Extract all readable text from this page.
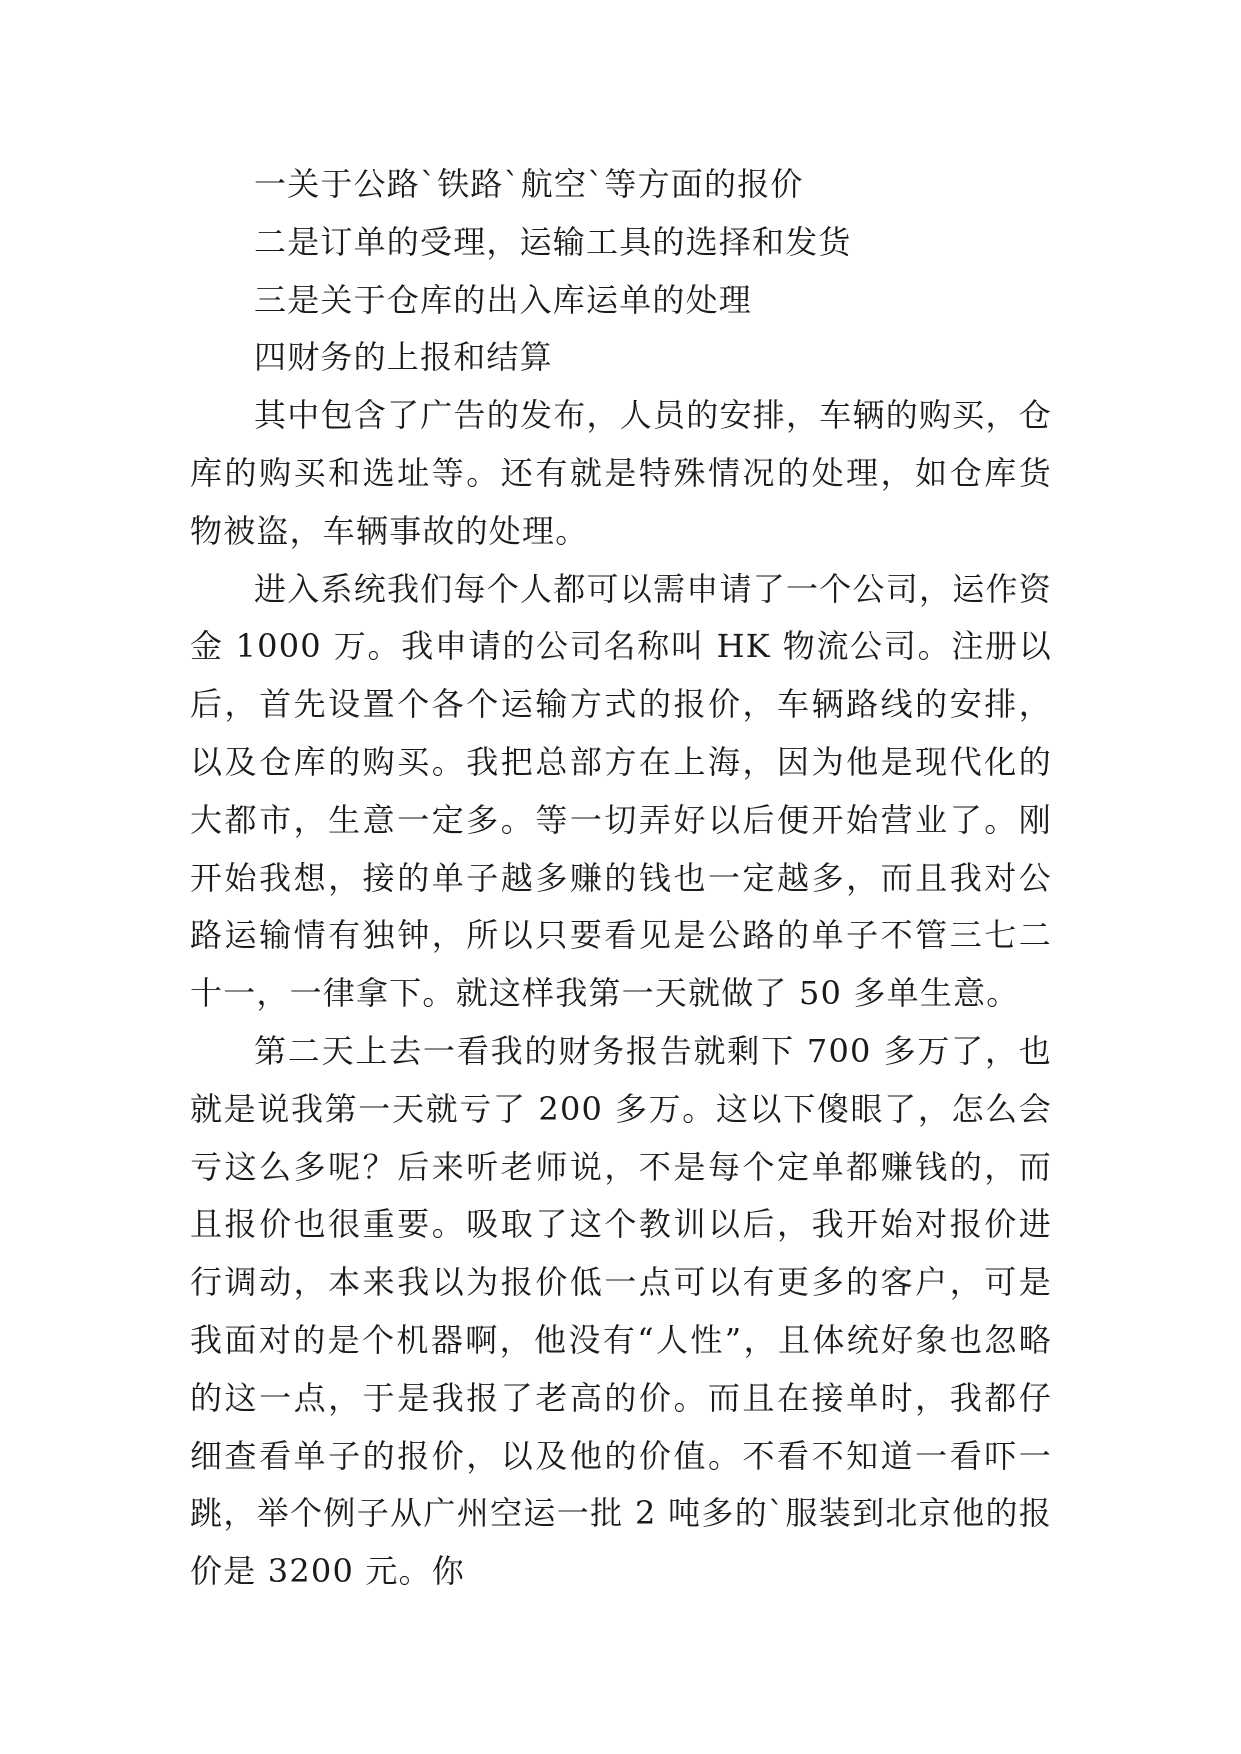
一关于公路`铁路`航空`等方面的报价

二是订单的受理，运输工具的选择和发货

三是关于仓库的出入库运单的处理

四财务的上报和结算

其中包含了广告的发布，人员的安排，车辆的购买，仓库的购买和选址等。还有就是特殊情况的处理，如仓库货物被盗，车辆事故的处理。

进入系统我们每个人都可以需申请了一个公司，运作资金 1000 万。我申请的公司名称叫 HK 物流公司。注册以后，首先设置个各个运输方式的报价，车辆路线的安排，以及仓库的购买。我把总部方在上海，因为他是现代化的大都市，生意一定多。等一切弄好以后便开始营业了。刚开始我想，接的单子越多赚的钱也一定越多，而且我对公路运输情有独钟，所以只要看见是公路的单子不管三七二十一，一律拿下。就这样我第一天就做了 50 多单生意。

第二天上去一看我的财务报告就剩下 700 多万了，也就是说我第一天就亏了 200 多万。这以下傻眼了，怎么会亏这么多呢？后来听老师说，不是每个定单都赚钱的，而且报价也很重要。吸取了这个教训以后，我开始对报价进行调动，本来我以为报价低一点可以有更多的客户，可是我面对的是个机器啊，他没有“人性”，且体统好象也忽略的这一点，于是我报了老高的价。而且在接单时，我都仔细查看单子的报价，以及他的价值。不看不知道一看吓一跳，举个例子从广州空运一批 2 吨多的`服装到北京他的报价是 3200 元。你
